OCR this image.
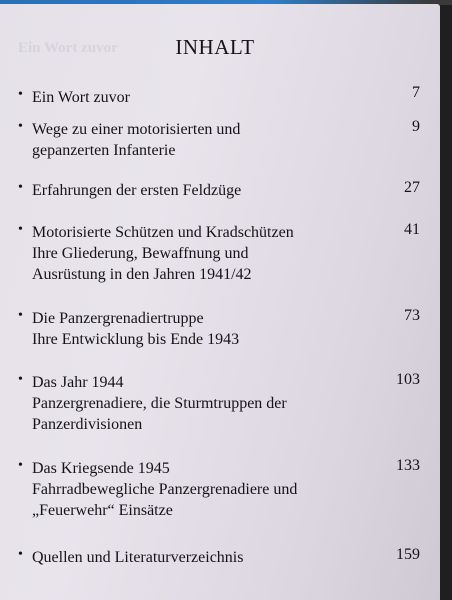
Ein Wort zuvor	INHALT
• Ein Wort zuvor	7
• Wege zu einer motorisierten und
gepanzerten Infanterie
9
• Erfahrungen der ersten Feldzüge	27
• Motorisierte Schützen und Kradschützen
Ihre Gliederung, Bewaffnung und
Ausrüstung in den Jahren 1941/42
41
• Die Panzergrenadiertruppe
Ihre Entwicklung bis Ende 1943
73
• Das Jahr 1944
Panzergrenadiere, die Sturmtruppen der
Panzerdivisionen
103
• Das Kriegsende 1945
Fahrradbewegliche Panzergrenadiere und
„Feuerwehr“ Einsätze
133
• Quellen und Literaturverzeichnis	159
